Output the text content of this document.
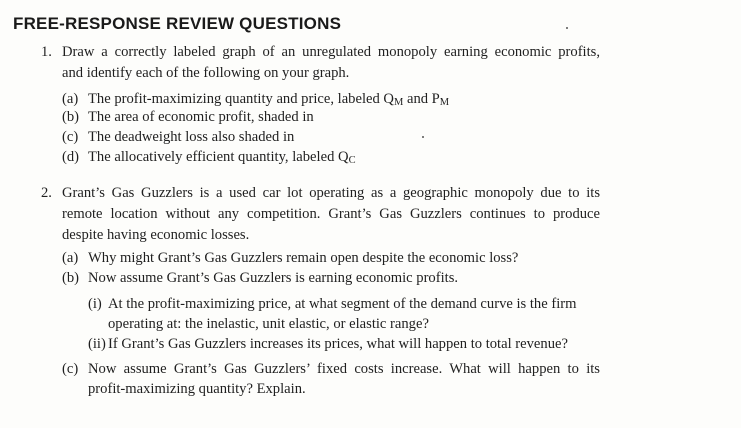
FREE-RESPONSE REVIEW QUESTIONS
1. Draw a correctly labeled graph of an unregulated monopoly earning economic profits,
and identify each of the following on your graph.
(a) The profit-maximizing quantity and price, labeled QM and PM
(b) The area of economic profit, shaded in
(c) The deadweight loss also shaded in
(d) The allocatively efficient quantity, labeled QC
2. Grant’s Gas Guzzlers is a used car lot operating as a geographic monopoly due to its
remote location without any competition. Grant’s Gas Guzzlers continues to produce
despite having economic losses.
(a) Why might Grant’s Gas Guzzlers remain open despite the economic loss?
(b) Now assume Grant’s Gas Guzzlers is earning economic profits.
(i) At the profit-maximizing price, at what segment of the demand curve is the firm
operating at: the inelastic, unit elastic, or elastic range?
(ii) If Grant’s Gas Guzzlers increases its prices, what will happen to total revenue?
(c) Now assume Grant’s Gas Guzzlers’ fixed costs increase. What will happen to its
profit-maximizing quantity? Explain.
